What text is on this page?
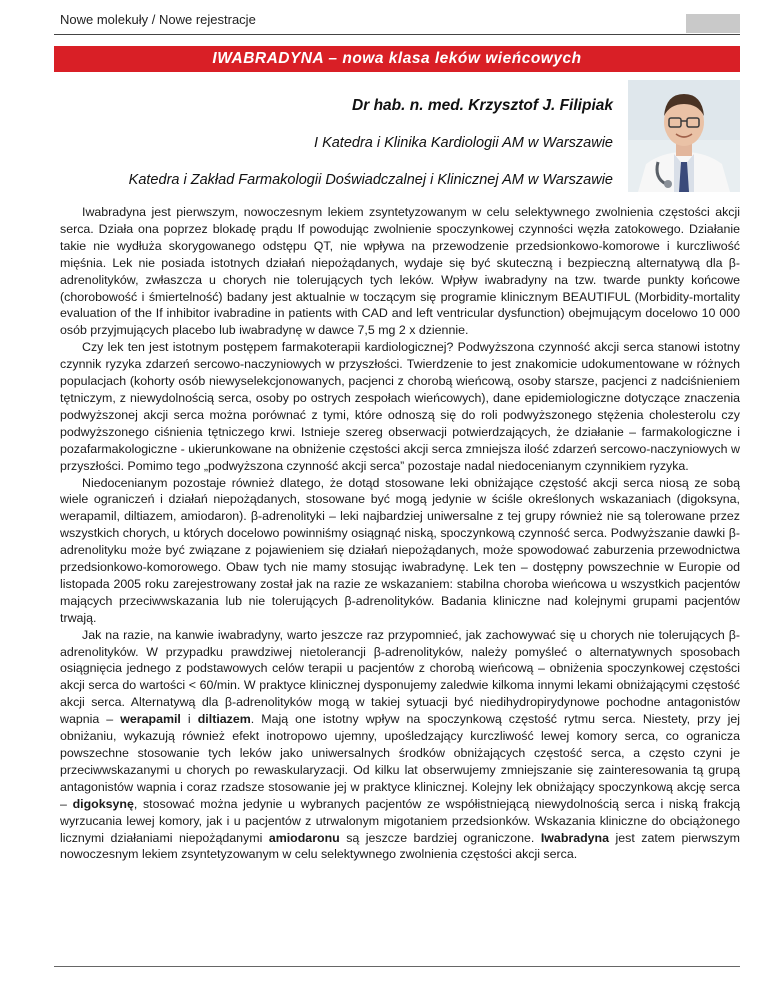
Nowe molekuły / Nowe rejestracje
IWABRADYNA – nowa klasa leków wieńcowych
Dr hab. n. med. Krzysztof J. Filipiak
I Katedra i Klinika Kardiologii AM w Warszawie
Katedra i Zakład Farmakologii Doświadczalnej i Klinicznej AM w Warszawie

Iwabradyna jest pierwszym, nowoczesnym lekiem zsyntetyzowanym w celu selektywnego zwolnienia częstości akcji serca. Działa ona poprzez blokadę prądu If powodując zwolnienie spoczynkowej czynności węzła zatokowego. Działanie takie nie wydłuża skorygowanego odstępu QT, nie wpływa na przewodzenie przedsionkowo-komorowe i kurczliwość mięśnia. Lek nie posiada istotnych działań niepożądanych, wydaje się być skuteczną i bezpieczną alternatywą dla β-adrenolityków, zwłaszcza u chorych nie tolerujących tych leków. Wpływ iwabradyny na tzw. twarde punkty końcowe (chorobowość i śmiertelność) badany jest aktualnie w toczącym się programie klinicznym BEAUTIFUL (Morbidity-mortality evaluation of the If inhibitor ivabradine in patients with CAD and left ventricular dysfunction) obejmującym docelowo 10 000 osób przyjmujących placebo lub iwabradynę w dawce 7,5 mg 2 x dziennie.

Czy lek ten jest istotnym postępem farmakoterapii kardiologicznej? Podwyższona czynność akcji serca stanowi istotny czynnik ryzyka zdarzeń sercowo-naczyniowych w przyszłości. Twierdzenie to jest znakomicie udokumentowane w różnych populacjach (kohorty osób niewyselekcjonowanych, pacjenci z chorobą wieńcową, osoby starsze, pacjenci z nadciśnieniem tętniczym, z niewydolnością serca, osoby po ostrych zespołach wieńcowych), dane epidemiologiczne dotyczące znaczenia podwyższonej akcji serca można porównać z tymi, które odnoszą się do roli podwyższonego stężenia cholesterolu czy podwyższonego ciśnienia tętniczego krwi. Istnieje szereg obserwacji potwierdzających, że działanie – farmakologiczne i pozafarmakologiczne - ukierunkowane na obniżenie częstości akcji serca zmniejsza ilość zdarzeń sercowo-naczyniowych w przyszłości. Pomimo tego „podwyższona czynność akcji serca” pozostaje nadal niedocenianym czynnikiem ryzyka.

Niedocenianym pozostaje również dlatego, że dotąd stosowane leki obniżające częstość akcji serca niosą ze sobą wiele ograniczeń i działań niepożądanych, stosowane być mogą jedynie w ściśle określonych wskazaniach (digoksyna, werapamil, diltiazem, amiodaron). β-adrenolityki – leki najbardziej uniwersalne z tej grupy również nie są tolerowane przez wszystkich chorych, u których docelowo powinniśmy osiągnąć niską, spoczynkową czynność serca. Podwyższanie dawki β-adrenolityku może być związane z pojawieniem się działań niepożądanych, może spowodować zaburzenia przewodnictwa przedsionkowo-komorowego. Obaw tych nie mamy stosując iwabradynę. Lek ten – dostępny powszechnie w Europie od listopada 2005 roku zarejestrowany został jak na razie ze wskazaniem: stabilna choroba wieńcowa u wszystkich pacjentów mających przeciwwskazania lub nie tolerujących β-adrenolityków. Badania kliniczne nad kolejnymi grupami pacjentów trwają.

Jak na razie, na kanwie iwabradyny, warto jeszcze raz przypomnieć, jak zachowywać się u chorych nie tolerujących β-adrenolityków. W przypadku prawdziwej nietolerancji β-adrenolityków, należy pomyśleć o alternatywnych sposobach osiągnięcia jednego z podstawowych celów terapii u pacjentów z chorobą wieńcową – obniżenia spoczynkowej częstości akcji serca do wartości < 60/min. W praktyce klinicznej dysponujemy zaledwie kilkoma innymi lekami obniżającymi częstość akcji serca. Alternatywą dla β-adrenolityków mogą w takiej sytuacji być niedihydropirydynowe pochodne antagonistów wapnia – werapamil i diltiazem. Mają one istotny wpływ na spoczynkową częstość rytmu serca. Niestety, przy jej obniżaniu, wykazują również efekt inotropowo ujemny, upośledzający kurczliwość lewej komory serca, co ogranicza powszechne stosowanie tych leków jako uniwersalnych środków obniżających częstość serca, a często czyni je przeciwwskazanymi u chorych po rewaskularyzacji. Od kilku lat obserwujemy zmniejszanie się zainteresowania tą grupą antagonistów wapnia i coraz rzadsze stosowanie jej w praktyce klinicznej. Kolejny lek obniżający spoczynkową akcję serca – digoksynę, stosować można jedynie u wybranych pacjentów ze współistniejącą niewydolnością serca i niską frakcją wyrzucania lewej komory, jak i u pacjentów z utrwalonym migotaniem przedsionków. Wskazania kliniczne do obciążonego licznymi działaniami niepożądanymi amiodaronu są jeszcze bardziej ograniczone. Iwabradyna jest zatem pierwszym nowoczesnym lekiem zsyntetyzowanym w celu selektywnego zwolnienia częstości akcji serca.
